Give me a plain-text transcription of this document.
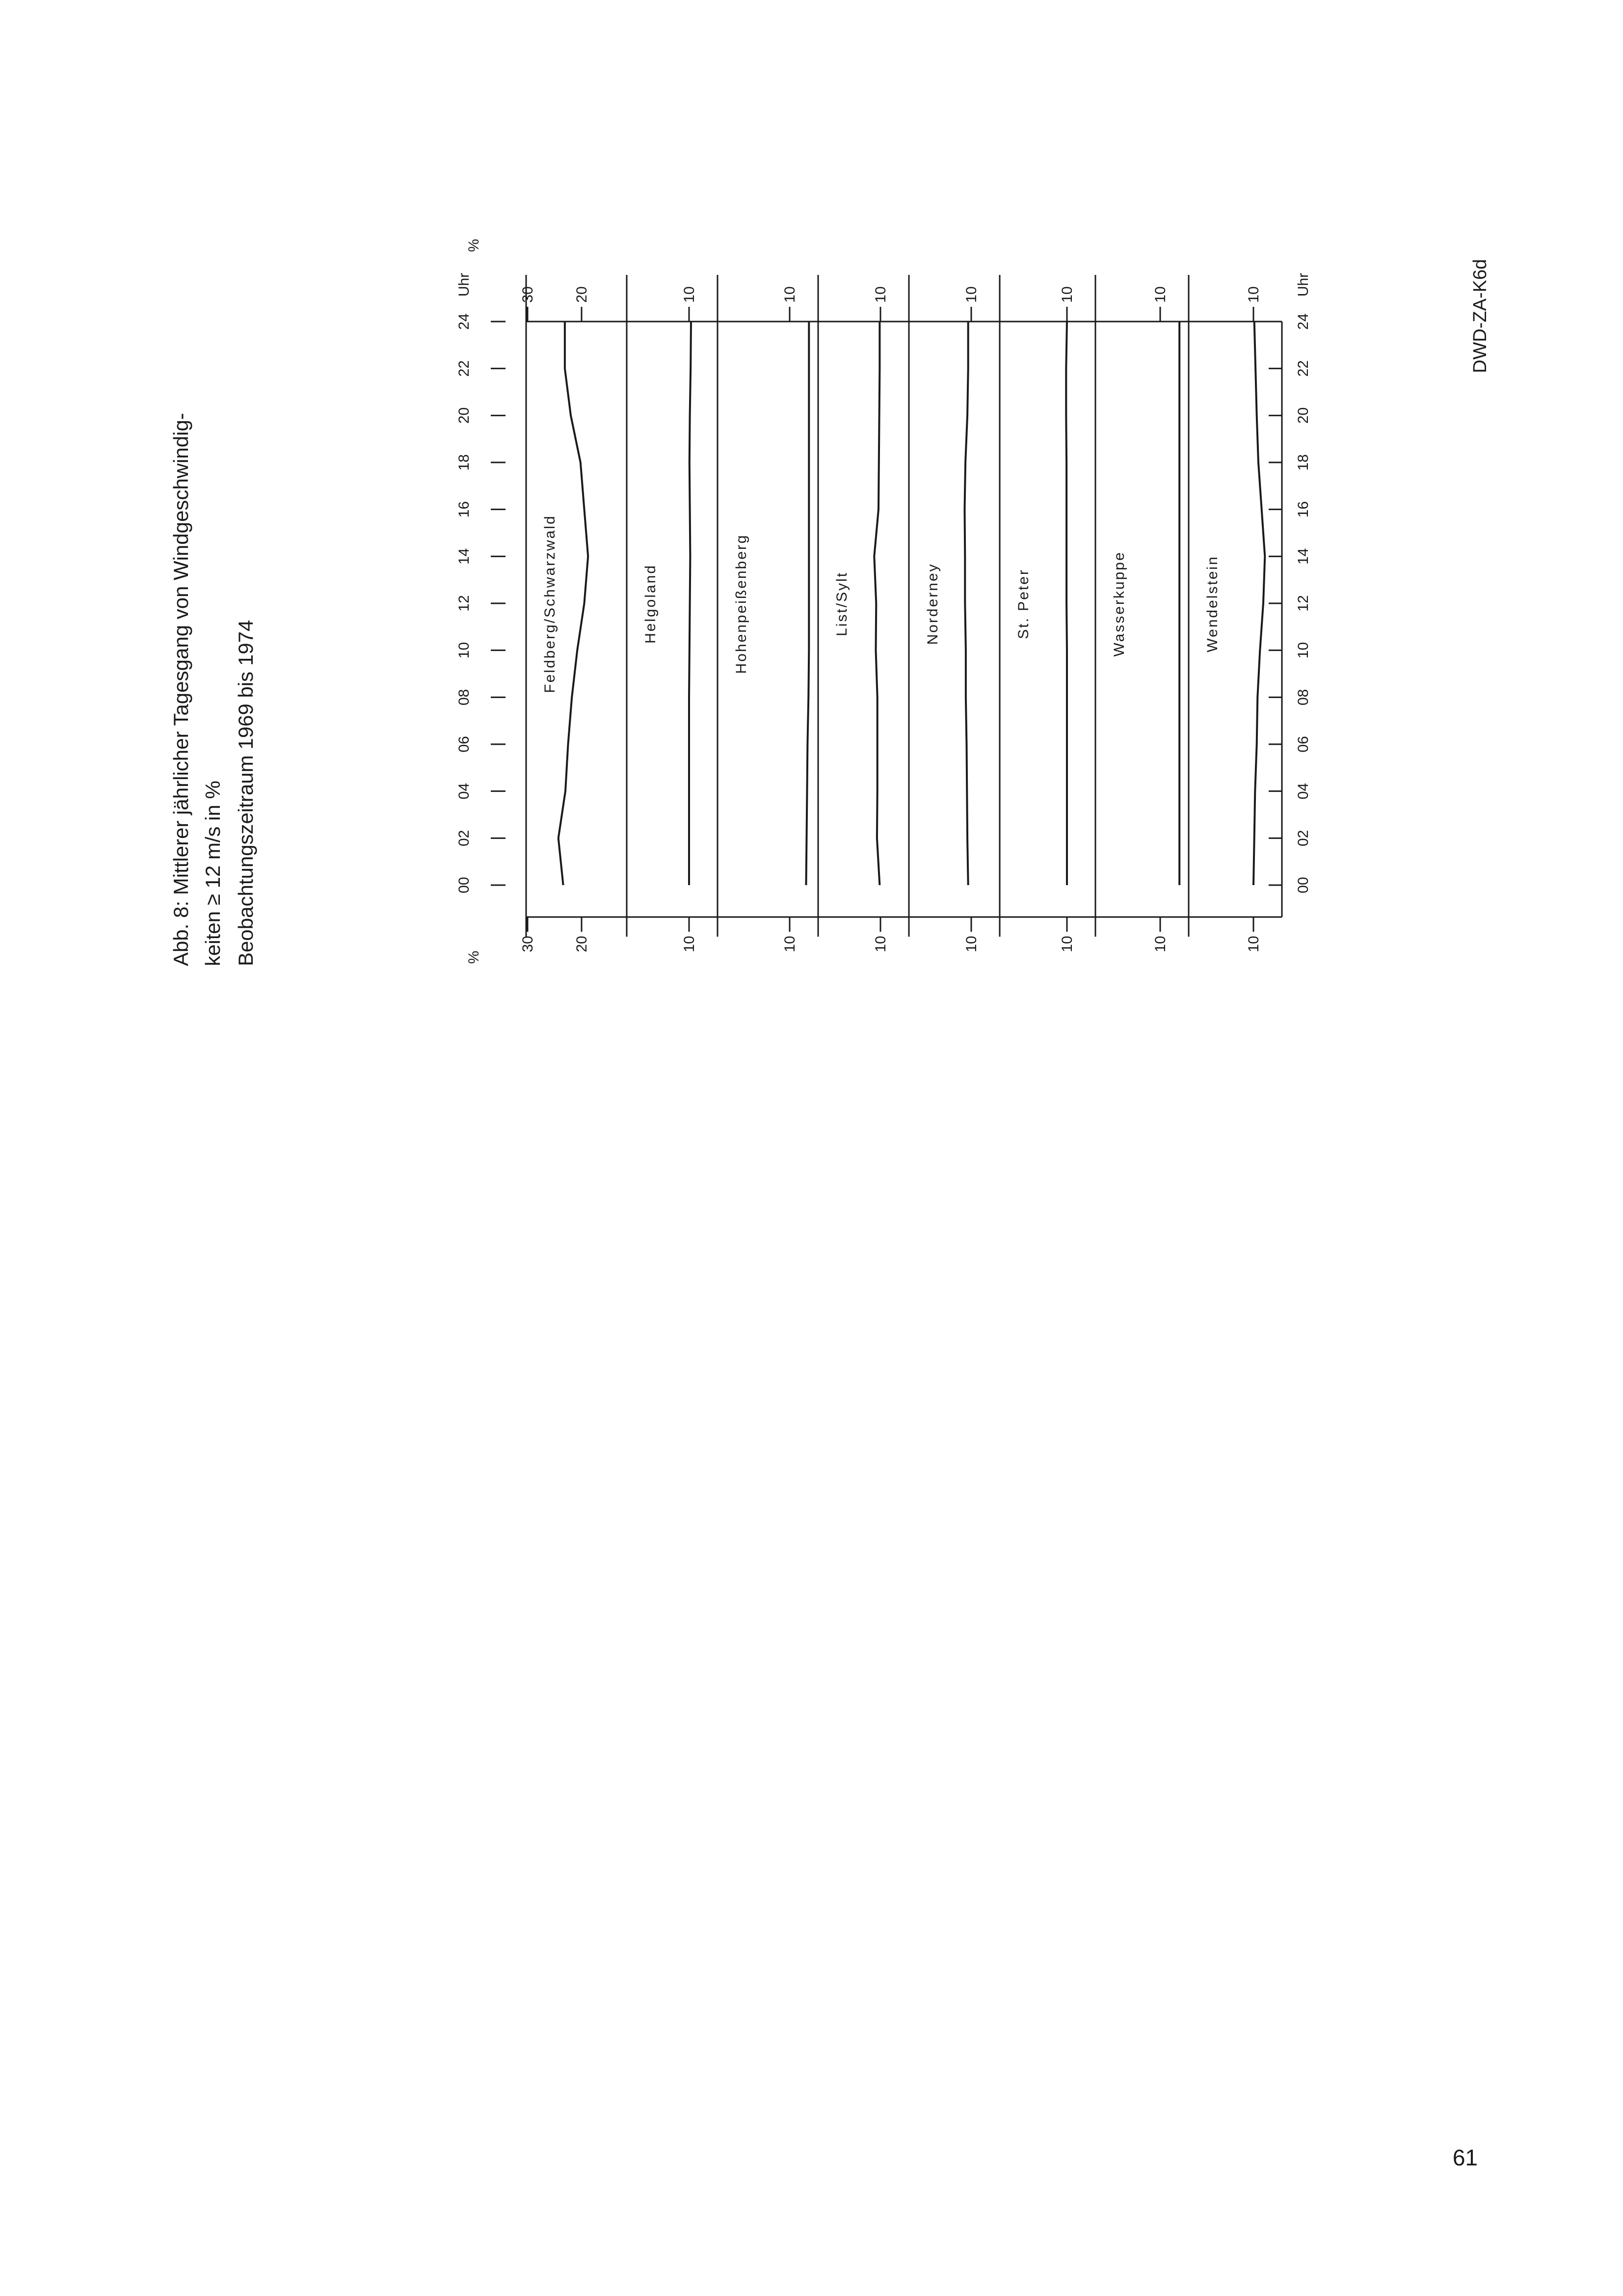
Abb. 8: Mittlerer jährlicher Tagesgang von Windgeschwindig- keiten ≥ 12 m/s in % Beobachtungszeitraum 1969 bis 1974	00	00
02	02
04	04
06	06
08	08
10	10
12	12
14	14
16	16
18	18
20	20
22	22
24	24
Uhr	Uhr
%
%
30
30
20
20
Feldberg/Schwarzwald
10
10
Helgoland
10
10
Hohenpeißenberg
10
10
List/Sylt
10
10
Norderney
10
10
St. Peter
10
10
Wasserkuppe
10
10
Wendelstein
DWD-ZA-K6d
61
